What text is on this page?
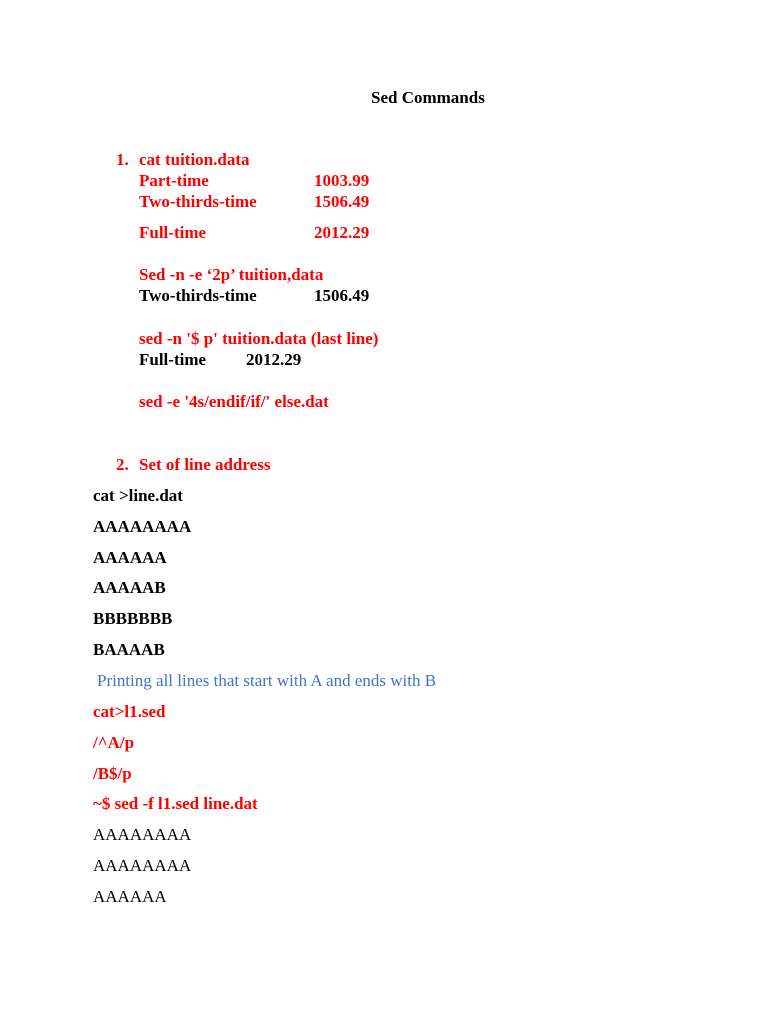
Sed Commands
1. cat tuition.data
Part-time	1003.99
Two-thirds-time	1506.49
Full-time	2012.29
Sed -n -e ‘2p’ tuition,data
Two-thirds-time	1506.49
sed -n '$ p' tuition.data (last line)
Full-time 2012.29
sed -e '4s/endif/if/' else.dat
2. Set of line address
cat >line.dat
AAAAAAAA
AAAAAA
AAAAAB
BBBBBBB
BAAAAB
Printing all lines that start with A and ends with B
cat>l1.sed
/^A/p
/B$/p
~$ sed -f l1.sed line.dat
AAAAAAAA
AAAAAAAA
AAAAAA
